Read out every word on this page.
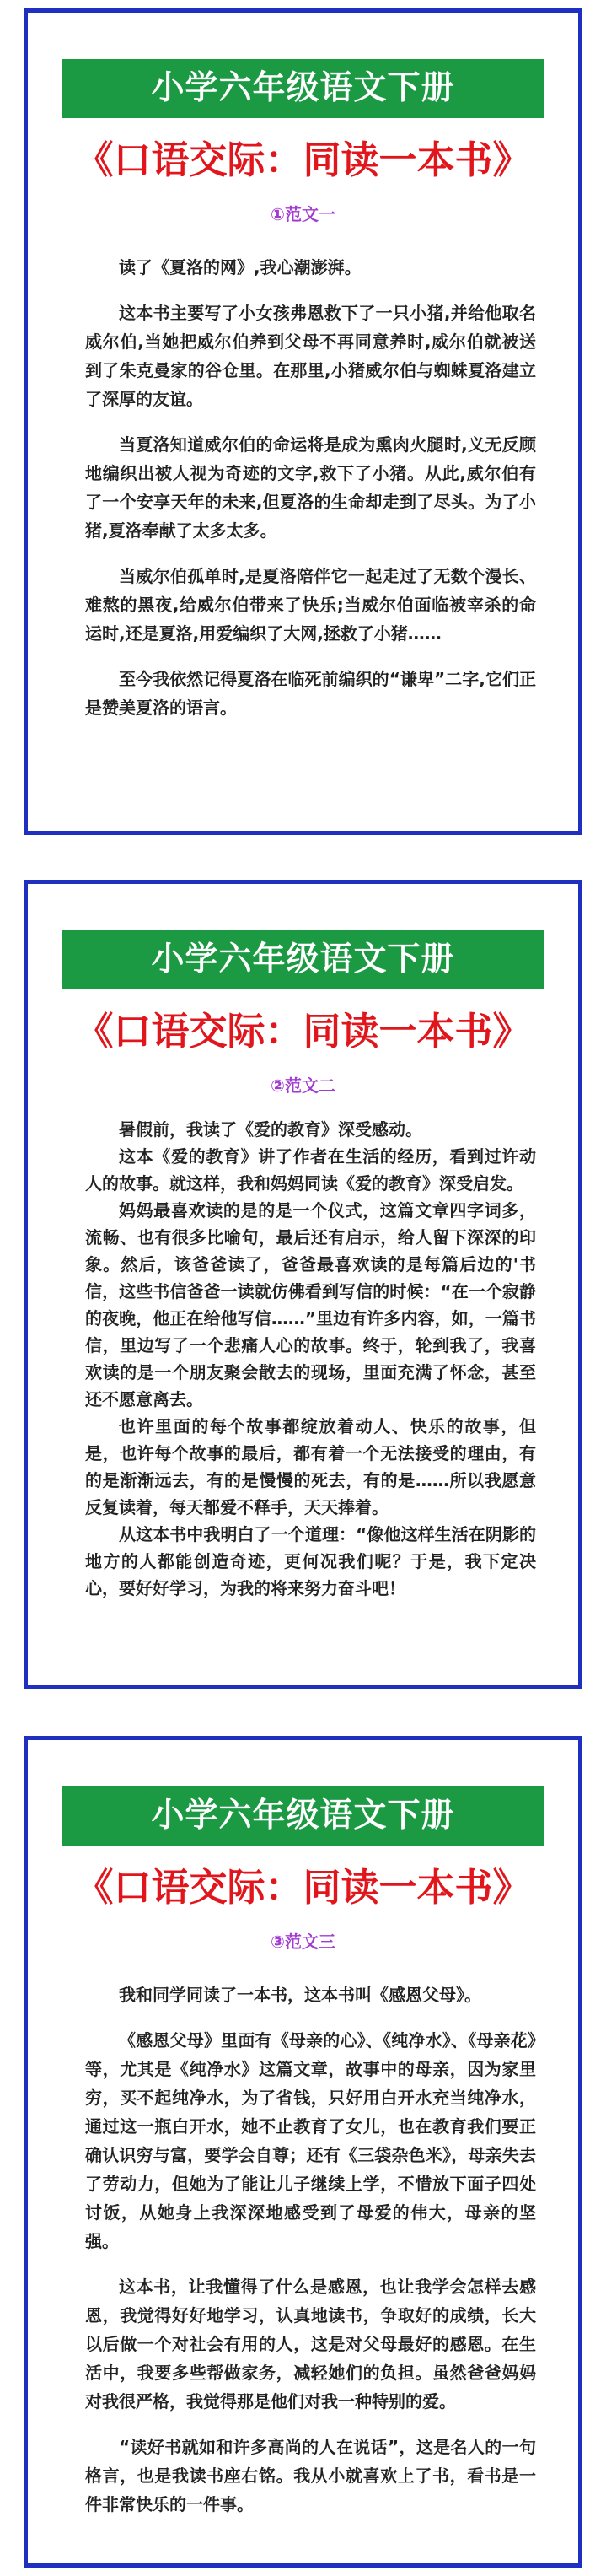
小学六年级语文下册
《口语交际：同读一本书》
①范文一

读了《夏洛的网》,我心潮澎湃。

这本书主要写了小女孩弗恩救下了一只小猪,并给他取名威尔伯,当她把威尔伯养到父母不再同意养时,威尔伯就被送到了朱克曼家的谷仓里。在那里,小猪威尔伯与蜘蛛夏洛建立了深厚的友谊。

当夏洛知道威尔伯的命运将是成为熏肉火腿时,义无反顾地编织出被人视为奇迹的文字,救下了小猪。从此,威尔伯有了一个安享天年的未来,但夏洛的生命却走到了尽头。为了小猪,夏洛奉献了太多太多。

当威尔伯孤单时,是夏洛陪伴它一起走过了无数个漫长、难熬的黑夜,给威尔伯带来了快乐;当威尔伯面临被宰杀的命运时,还是夏洛,用爱编织了大网,拯救了小猪……

至今我依然记得夏洛在临死前编织的“谦卑”二字,它们正是赞美夏洛的语言。

小学六年级语文下册
《口语交际：同读一本书》
②范文二

暑假前，我读了《爱的教育》深受感动。

这本《爱的教育》讲了作者在生活的经历，看到过许动人的故事。就这样，我和妈妈同读《爱的教育》深受启发。

妈妈最喜欢读的是的是一个仪式，这篇文章四字词多，流畅、也有很多比喻句，最后还有启示，给人留下深深的印象。然后，该爸爸读了，爸爸最喜欢读的是每篇后边的'书信，这些书信爸爸一读就仿佛看到写信的时候：“在一个寂静的夜晚，他正在给他写信……”里边有许多内容，如，一篇书信，里边写了一个悲痛人心的故事。终于，轮到我了，我喜欢读的是一个朋友聚会散去的现场，里面充满了怀念，甚至还不愿意离去。

也许里面的每个故事都绽放着动人、快乐的故事，但是，也许每个故事的最后，都有着一个无法接受的理由，有的是渐渐远去，有的是慢慢的死去，有的是……所以我愿意反复读着，每天都爱不释手，天天捧着。

从这本书中我明白了一个道理：“像他这样生活在阴影的地方的人都能创造奇迹，更何况我们呢？于是，我下定决心，要好好学习，为我的将来努力奋斗吧！

小学六年级语文下册
《口语交际：同读一本书》
③范文三

我和同学同读了一本书，这本书叫《感恩父母》。

《感恩父母》里面有《母亲的心》、《纯净水》、《母亲花》等，尤其是《纯净水》这篇文章，故事中的母亲，因为家里穷，买不起纯净水，为了省钱，只好用白开水充当纯净水，通过这一瓶白开水，她不止教育了女儿，也在教育我们要正确认识穷与富，要学会自尊；还有《三袋杂色米》，母亲失去了劳动力，但她为了能让儿子继续上学，不惜放下面子四处讨饭，从她身上我深深地感受到了母爱的伟大，母亲的坚强。

这本书，让我懂得了什么是感恩，也让我学会怎样去感恩，我觉得好好地学习，认真地读书，争取好的成绩，长大以后做一个对社会有用的人，这是对父母最好的感恩。在生活中，我要多些帮做家务，减轻她们的负担。虽然爸爸妈妈对我很严格，我觉得那是他们对我一种特别的爱。

“读好书就如和许多高尚的人在说话”，这是名人的一句格言，也是我读书座右铭。我从小就喜欢上了书，看书是一件非常快乐的一件事。
